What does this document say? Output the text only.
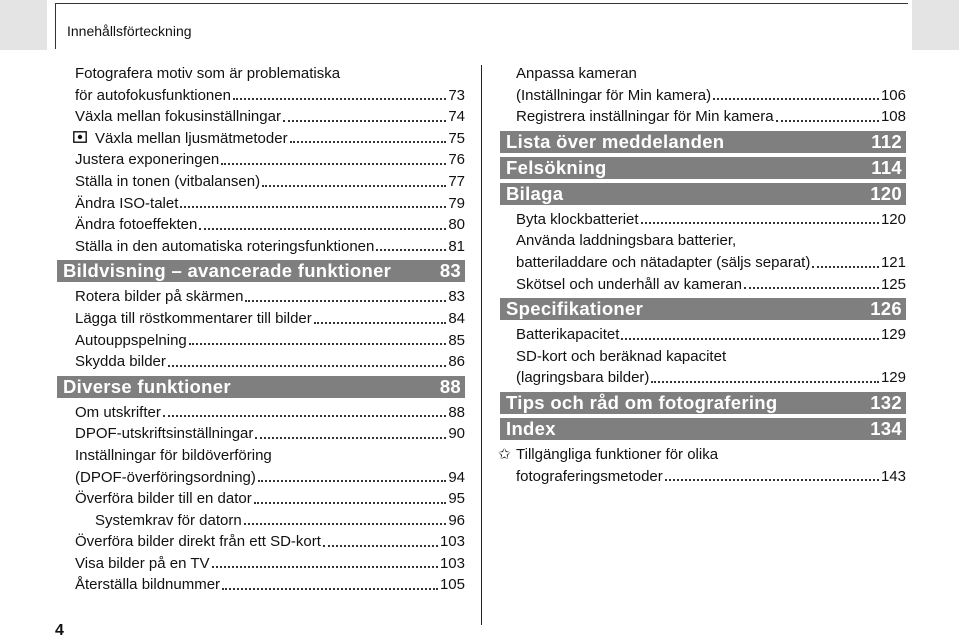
Innehållsförteckning
4
Fotografera motiv som är problematiska
för autofokusfunktionen	73
Växla mellan fokusinställningar	74
Växla mellan ljusmätmetoder	75
Justera exponeringen	76
Ställa in tonen (vitbalansen)	77
Ändra ISO-talet	79
Ändra fotoeffekten	80
Ställa in den automatiska roteringsfunktionen	81
Bildvisning – avancerade funktioner	83
Rotera bilder på skärmen	83
Lägga till röstkommentarer till bilder	84
Autouppspelning	85
Skydda bilder	86
Diverse funktioner	88
Om utskrifter	88
DPOF-utskriftsinställningar	90
Inställningar för bildöverföring
(DPOF-överföringsordning)	94
Överföra bilder till en dator	95
Systemkrav för datorn	96
Överföra bilder direkt från ett SD-kort	103
Visa bilder på en TV	103
Återställa bildnummer	105
Anpassa kameran
(Inställningar för Min kamera)	106
Registrera inställningar för Min kamera	108
Lista över meddelanden	112
Felsökning	114
Bilaga	120
Byta klockbatteriet	120
Använda laddningsbara batterier,
batteriladdare och nätadapter (säljs separat)	121
Skötsel och underhåll av kameran	125
Specifikationer	126
Batterikapacitet	129
SD-kort och beräknad kapacitet
(lagringsbara bilder)	129
Tips och råd om fotografering	132
Index	134
✩ Tillgängliga funktioner för olika
fotograferingsmetoder	143
